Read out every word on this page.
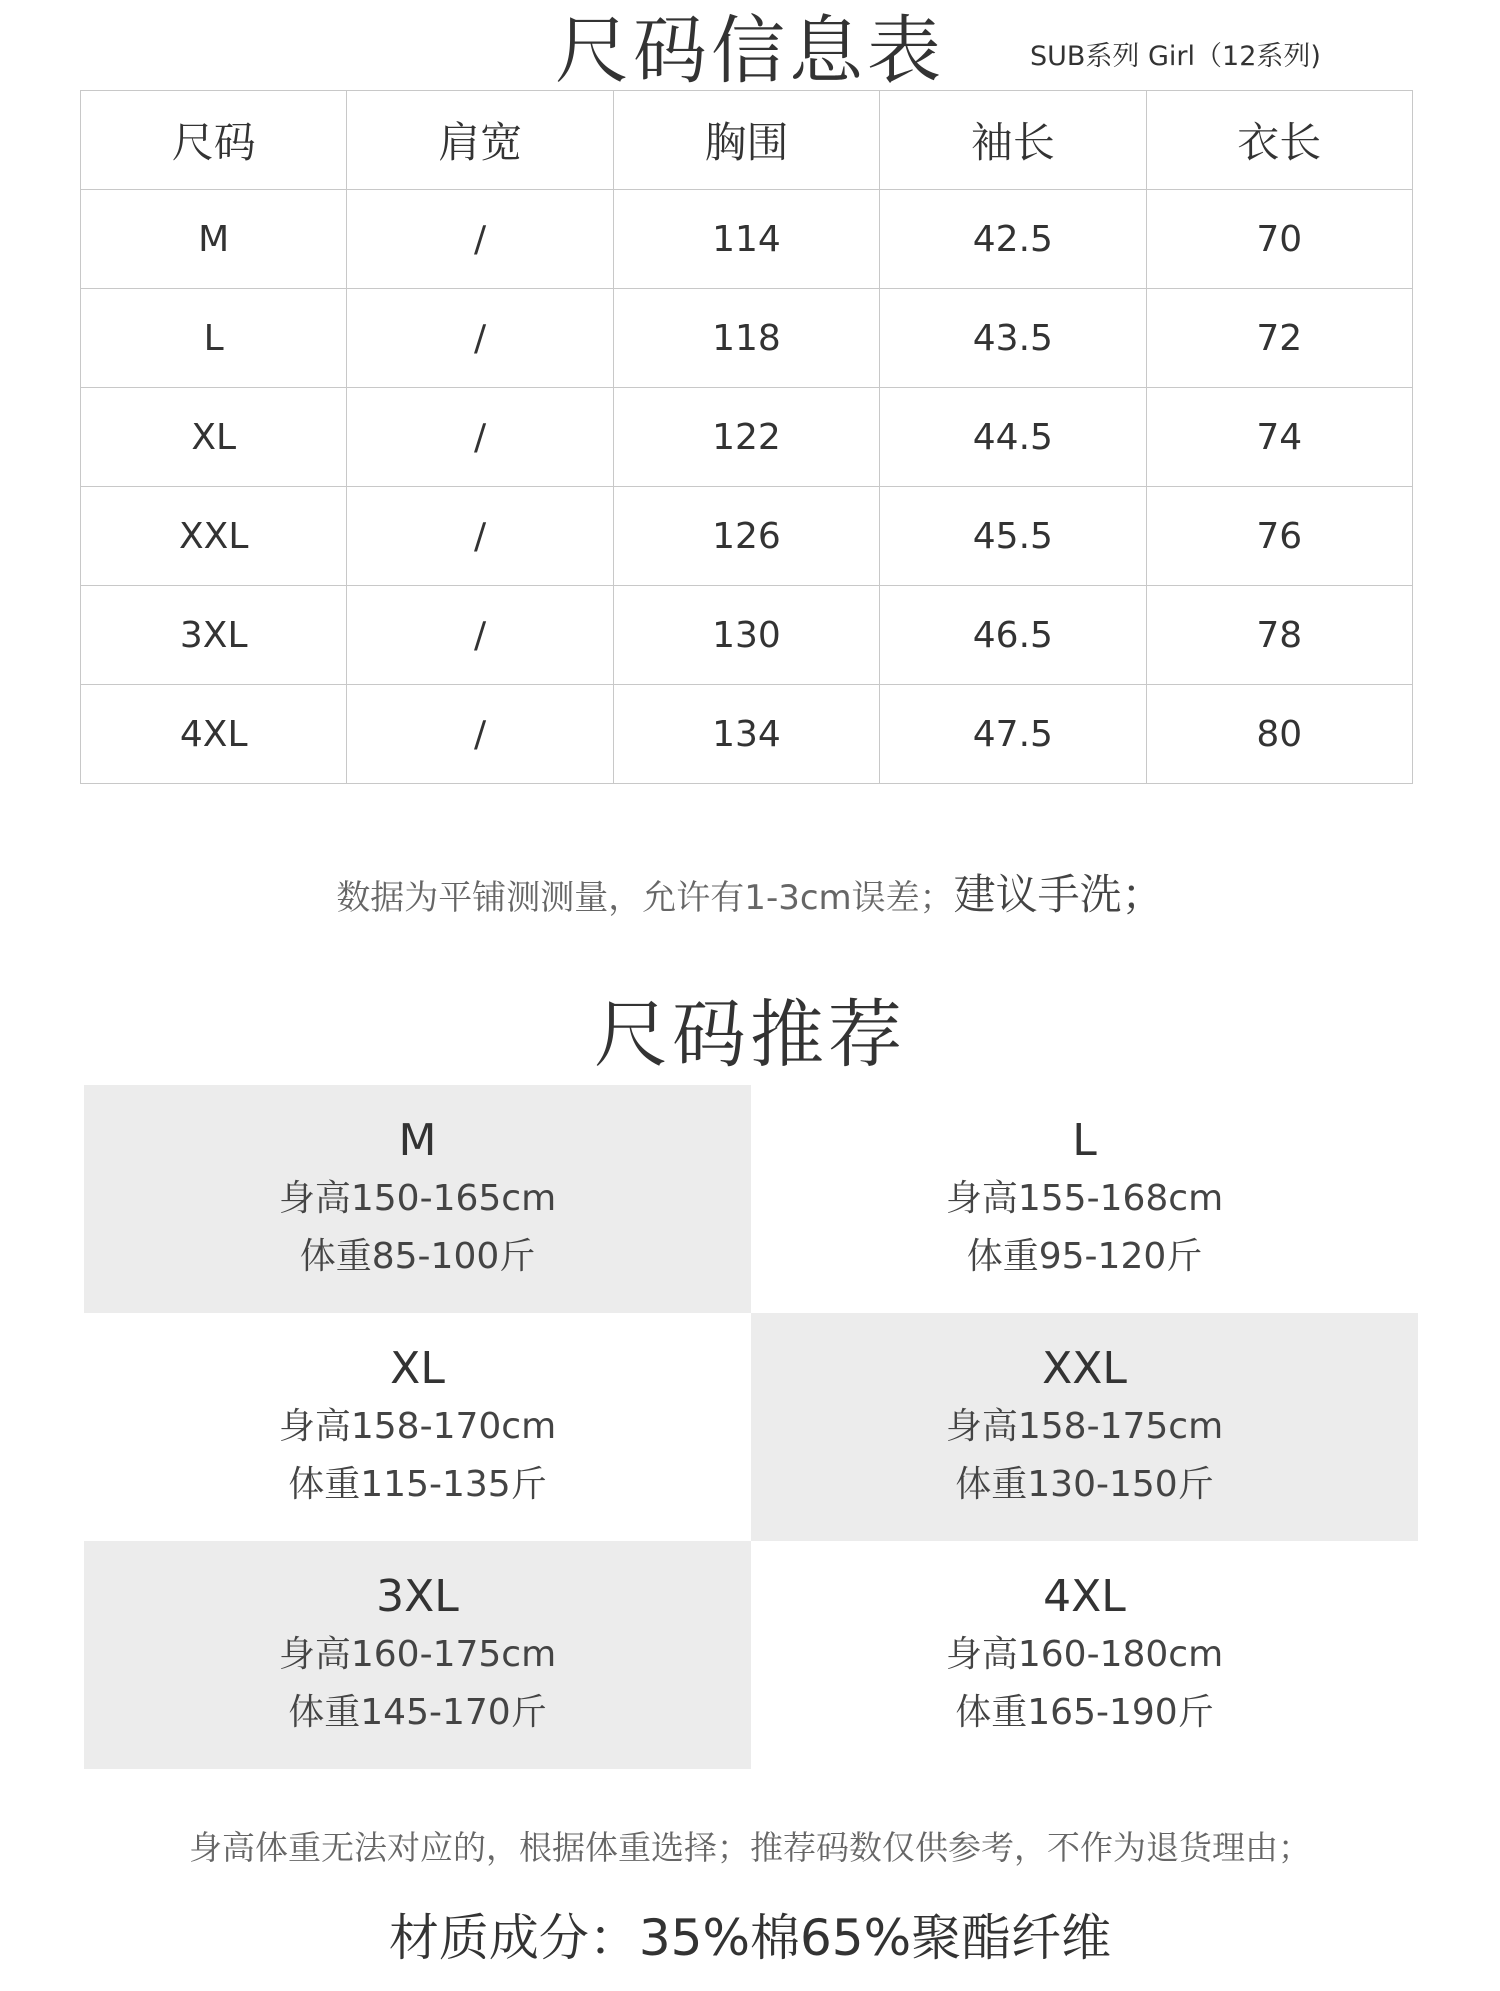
尺码信息表	SUB系列 Girl（12系列)
尺码	肩宽	胸围	袖长	衣长
M	/	114	42.5	70
L	/	118	43.5	72
XL	/	122	44.5	74
XXL	/	126	45.5	76
3XL	/	130	46.5	78
4XL	/	134	47.5	80
数据为平铺测测量，允许有1-3cm误差；建议手洗；
尺码推荐
M
身高150-165cm
体重85-100斤
L
身高155-168cm
体重95-120斤
XL
身高158-170cm
体重115-135斤
XXL
身高158-175cm
体重130-150斤
3XL
身高160-175cm
体重145-170斤
4XL
身高160-180cm
体重165-190斤
身高体重无法对应的，根据体重选择；推荐码数仅供参考，不作为退货理由；
材质成分：35%棉65%聚酯纤维
